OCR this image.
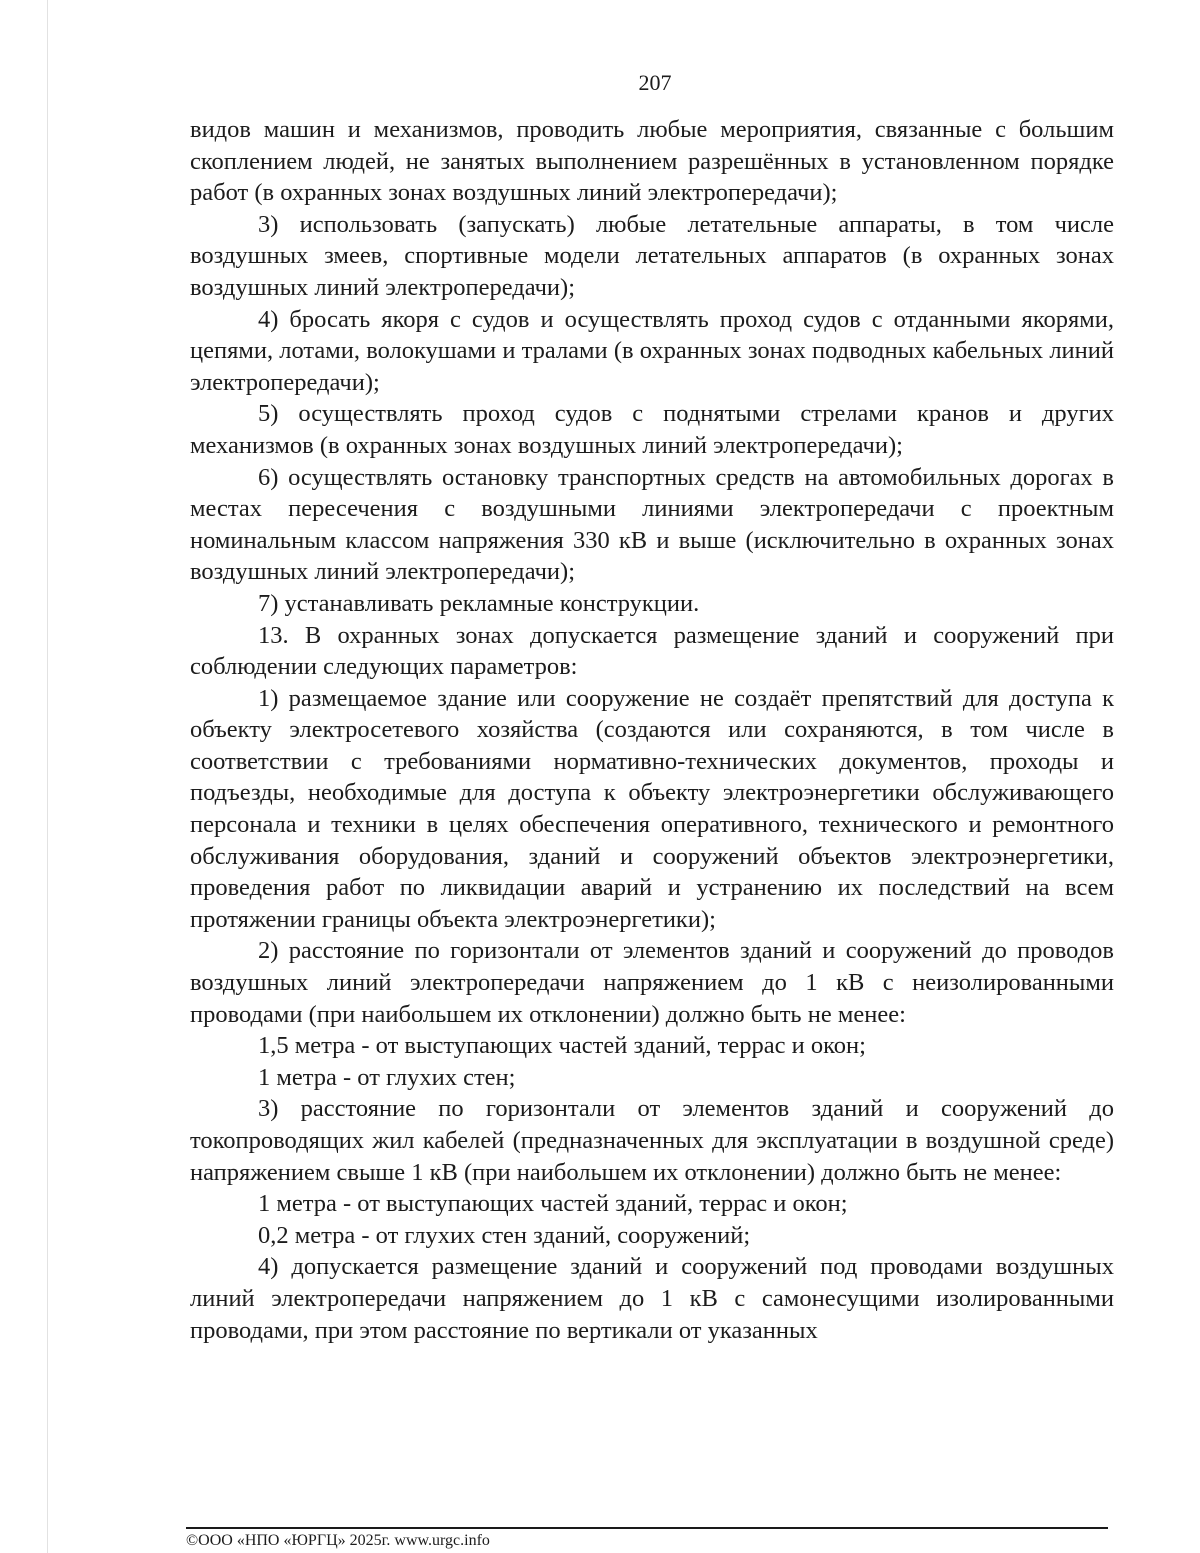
207

видов машин и механизмов, проводить любые мероприятия, связанные с большим скоплением людей, не занятых выполнением разрешённых в установленном порядке работ (в охранных зонах воздушных линий электропередачи);

3) использовать (запускать) любые летательные аппараты, в том числе воздушных змеев, спортивные модели летательных аппаратов (в охранных зонах воздушных линий электропередачи);

4) бросать якоря с судов и осуществлять проход судов с отданными якорями, цепями, лотами, волокушами и тралами (в охранных зонах подводных кабельных линий электропередачи);

5) осуществлять проход судов с поднятыми стрелами кранов и других механизмов (в охранных зонах воздушных линий электропередачи);

6) осуществлять остановку транспортных средств на автомобильных дорогах в местах пересечения с воздушными линиями электропередачи с проектным номинальным классом напряжения 330 кВ и выше (исключительно в охранных зонах воздушных линий электропередачи);

7) устанавливать рекламные конструкции.

13. В охранных зонах допускается размещение зданий и сооружений при соблюдении следующих параметров:

1) размещаемое здание или сооружение не создаёт препятствий для доступа к объекту электросетевого хозяйства (создаются или сохраняются, в том числе в соответствии с требованиями нормативно-технических документов, проходы и подъезды, необходимые для доступа к объекту электроэнергетики обслуживающего персонала и техники в целях обеспечения оперативного, технического и ремонтного обслуживания оборудования, зданий и сооружений объектов электроэнергетики, проведения работ по ликвидации аварий и устранению их последствий на всем протяжении границы объекта электроэнергетики);

2) расстояние по горизонтали от элементов зданий и сооружений до проводов воздушных линий электропередачи напряжением до 1 кВ с неизолированными проводами (при наибольшем их отклонении) должно быть не менее:

1,5 метра - от выступающих частей зданий, террас и окон;

1 метра - от глухих стен;

3) расстояние по горизонтали от элементов зданий и сооружений до токопроводящих жил кабелей (предназначенных для эксплуатации в воздушной среде) напряжением свыше 1 кВ (при наибольшем их отклонении) должно быть не менее:

1 метра - от выступающих частей зданий, террас и окон;

0,2 метра - от глухих стен зданий, сооружений;

4) допускается размещение зданий и сооружений под проводами воздушных линий электропередачи напряжением до 1 кВ с самонесущими изолированными проводами, при этом расстояние по вертикали от указанных

©ООО «НПО «ЮРГЦ» 2025г. www.urgc.info
